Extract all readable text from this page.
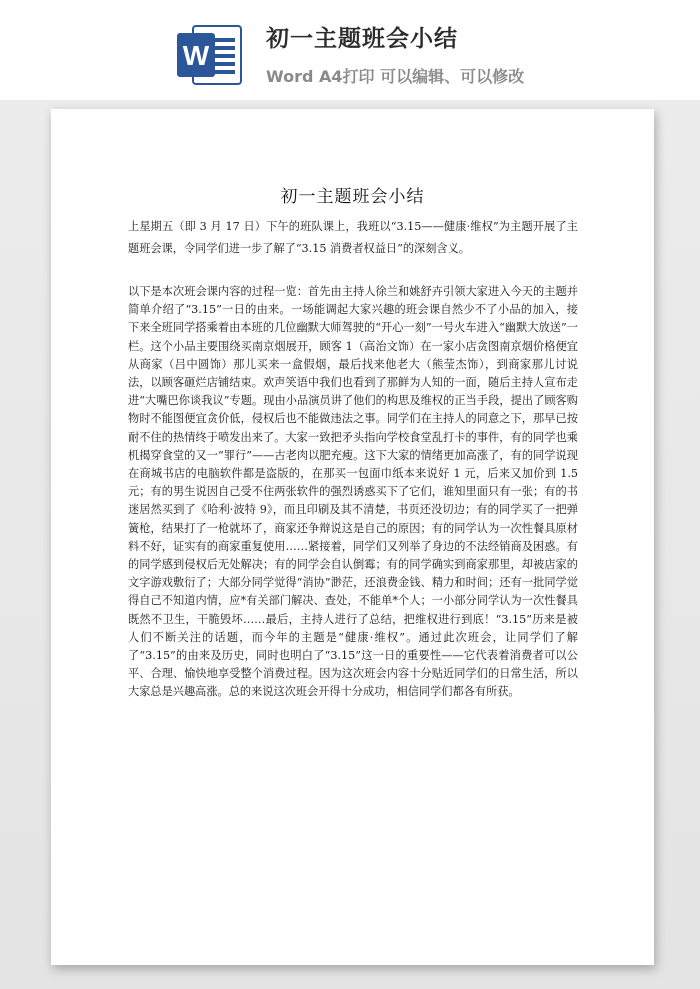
W
初一主题班会小结
Word A4打印 可以编辑、可以修改
初一主题班会小结

上星期五（即 3 月 17 日）下午的班队课上，我班以“3.15——健康·维权”为主题开展了主题班会课，令同学们进一步了解了“3.15 消费者权益日”的深刻含义。

以下是本次班会课内容的过程一览：首先由主持人徐兰和姚舒卉引领大家进入今天的主题并简单介绍了“3.15”一日的由来。一场能调起大家兴趣的班会课自然少不了小品的加入，接下来全班同学搭乘着由本班的几位幽默大师驾驶的“开心一刻”一号火车进入“幽默大放送”一栏。这个小品主要围绕买南京烟展开，顾客 1（高治文饰）在一家小店贪图南京烟价格便宜从商家（吕中圆饰）那儿买来一盒假烟，最后找来他老大（熊莹杰饰），到商家那儿讨说法，以顾客砸烂店铺结束。欢声笑语中我们也看到了那鲜为人知的一面，随后主持人宣布走进“大嘴巴你谈我议”专题。现由小品演员讲了他们的构思及维权的正当手段，提出了顾客购物时不能图便宜贪价低，侵权后也不能做违法之事。同学们在主持人的同意之下，那早已按耐不住的热情终于喷发出来了。大家一致把矛头指向学校食堂乱打卡的事件，有的同学也乘机揭穿食堂的又一“罪行”——古老肉以肥充瘦。这下大家的情绪更加高涨了，有的同学说现在商城书店的电脑软件都是盗版的，在那买一包面巾纸本来说好 1 元，后来又加价到 1.5 元；有的男生说因自己受不住两张软件的强烈诱惑买下了它们，谁知里面只有一张；有的书迷居然买到了《哈利·波特 9》，而且印刷及其不清楚，书页还没切边；有的同学买了一把弹簧枪，结果打了一枪就坏了，商家还争辩说这是自己的原因；有的同学认为一次性餐具原材料不好，证实有的商家重复使用……紧接着，同学们又列举了身边的不法经销商及困惑。有的同学感到侵权后无处解决；有的同学会自认倒霉；有的同学确实到商家那里，却被店家的文字游戏敷衍了；大部分同学觉得“消协”渺茫，还浪费金钱、精力和时间；还有一批同学觉得自己不知道内情，应*有关部门解决、查处，不能单*个人；一小部分同学认为一次性餐具既然不卫生，干脆毁坏……最后，主持人进行了总结，把维权进行到底！“3.15”历来是被人们不断关注的话题，而今年的主题是“健康·维权”。通过此次班会，让同学们了解了“3.15”的由来及历史，同时也明白了“3.15”这一日的重要性——它代表着消费者可以公平、合理、愉快地享受整个消费过程。因为这次班会内容十分贴近同学们的日常生活，所以大家总是兴趣高涨。总的来说这次班会开得十分成功，相信同学们都各有所获。
